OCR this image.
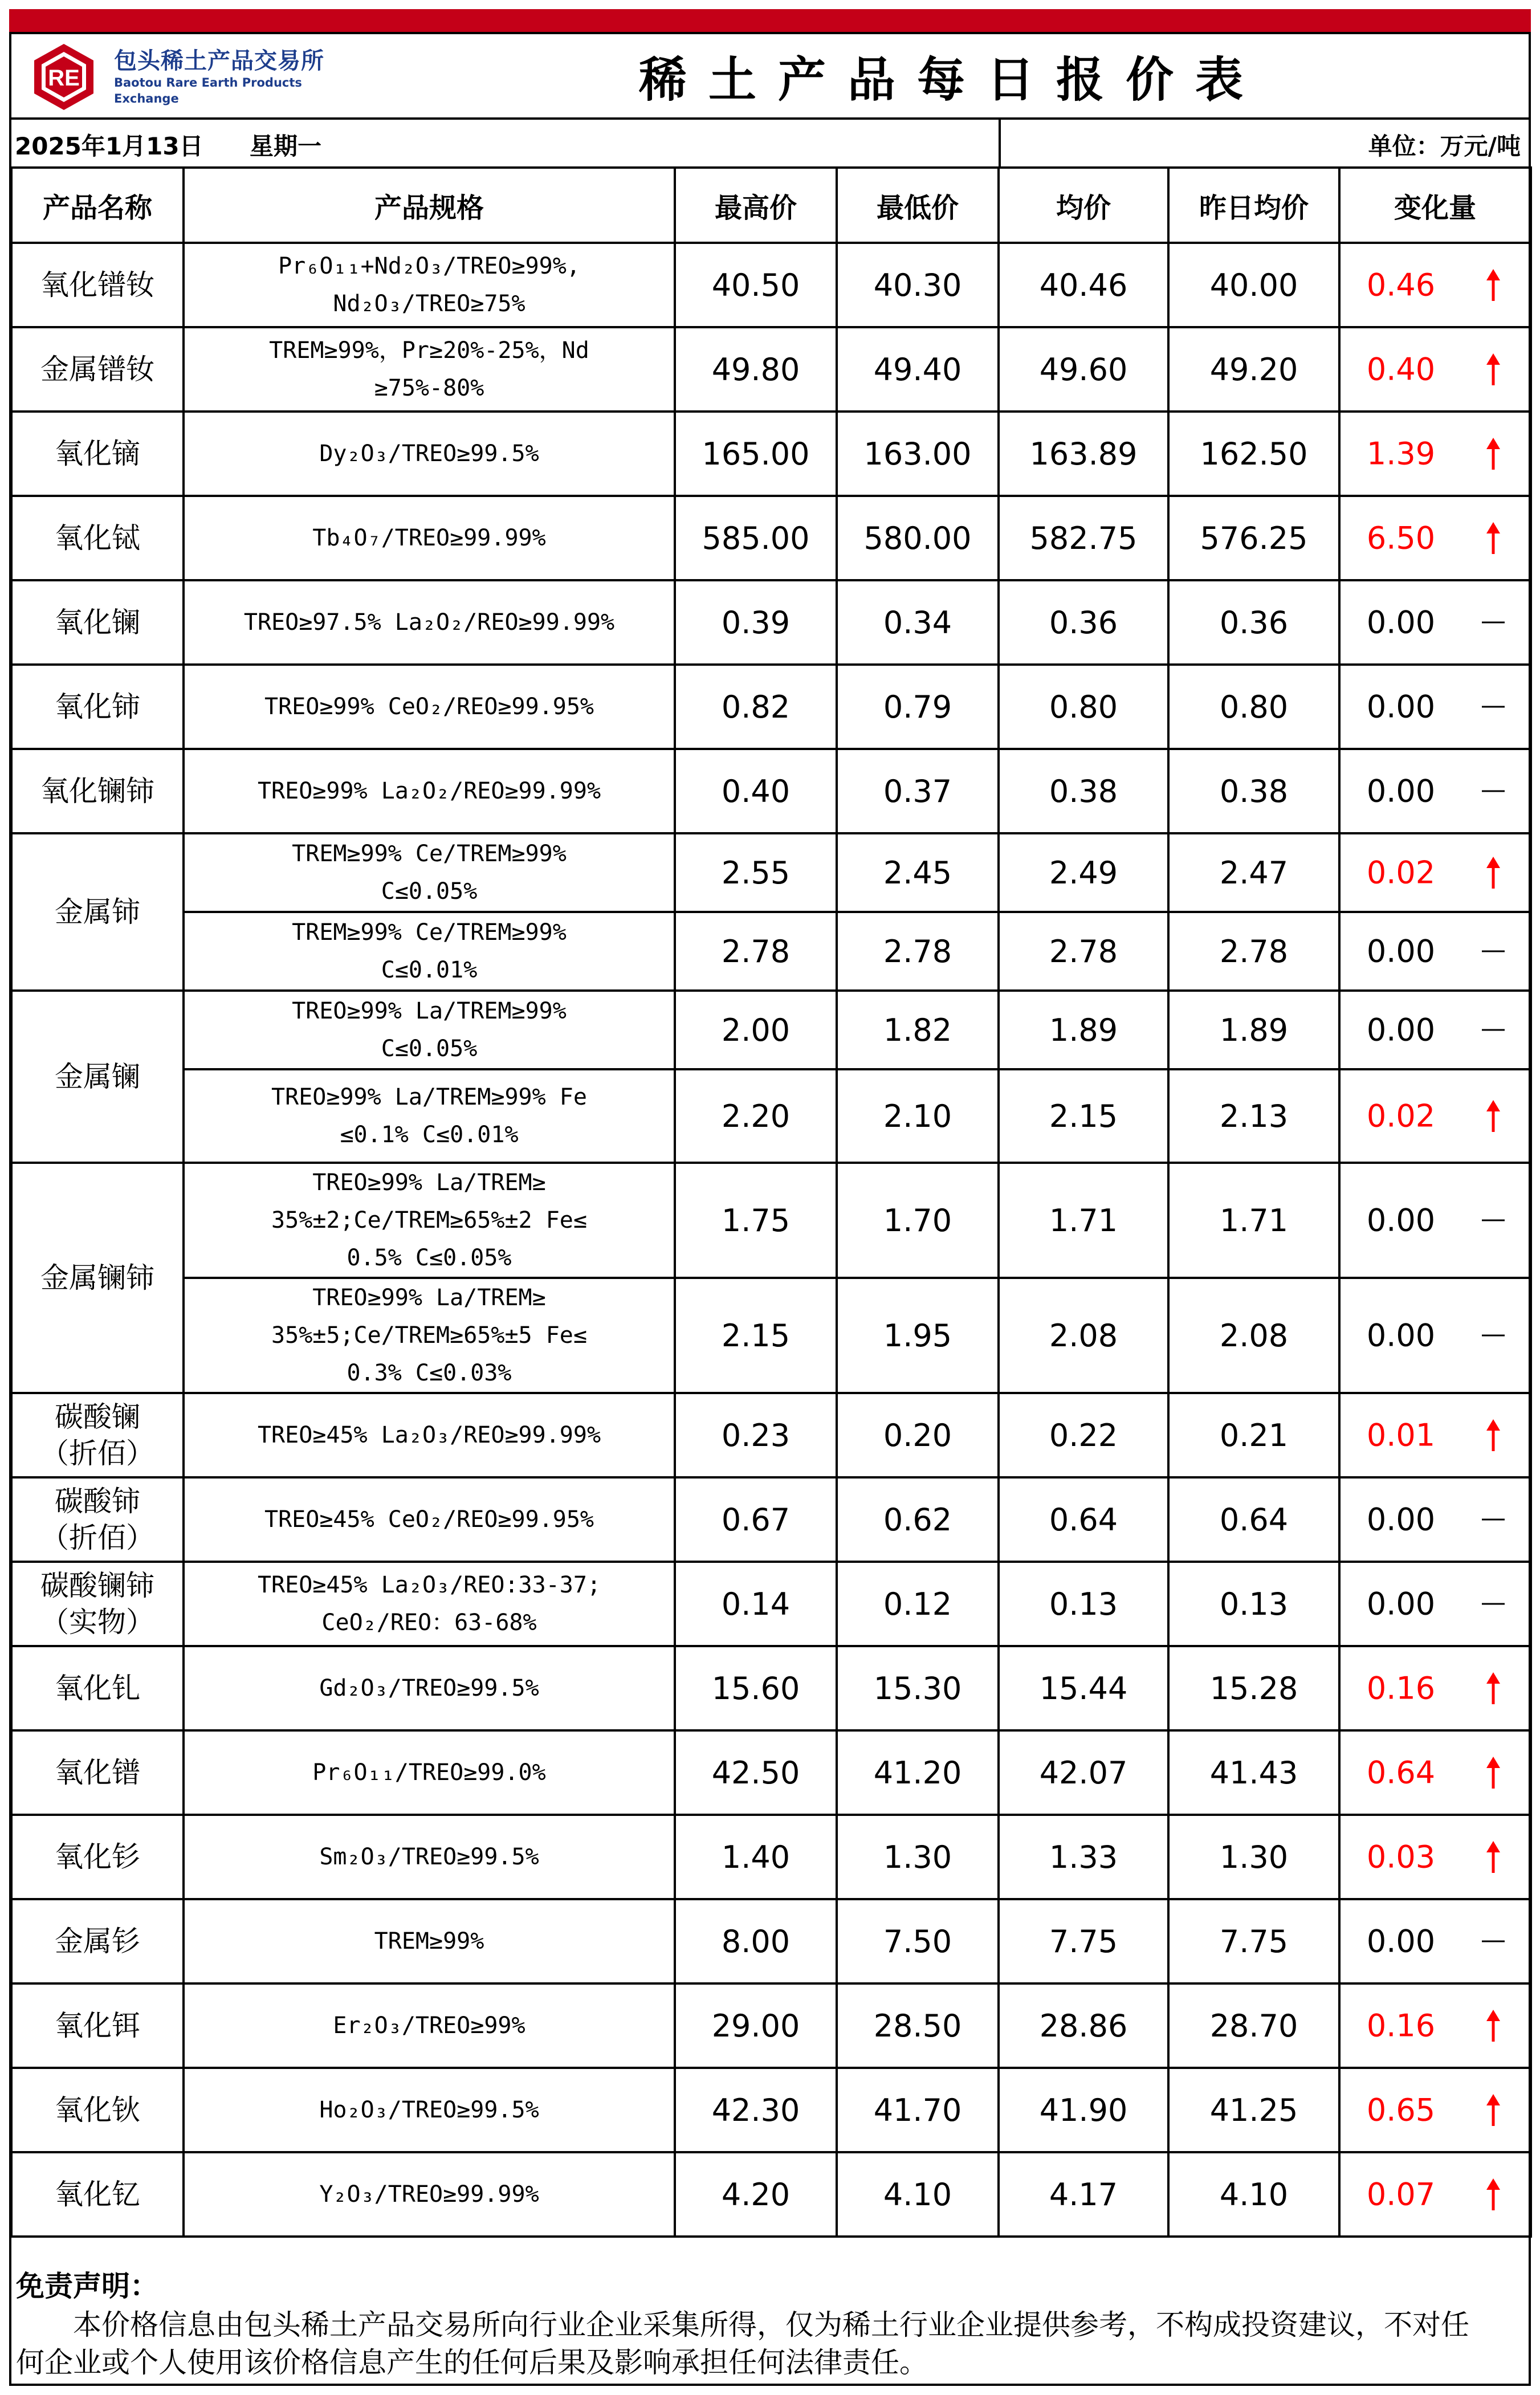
RE
包头稀土产品交易所
Baotou Rare Earth Products Exchange	稀土产品每日报价表
2025年1月13日 星期一	单位：万元/吨
产品名称	产品规格	最高价	最低价	均价	昨日均价	变化量
氧化镨钕	Pr₆O₁₁+Nd₂O₃/TREO≥99%,
Nd₂O₃/TREO≥75%	40.50	40.30	40.46	40.00	0.46

金属镨钕	TREM≥99%，Pr≥20%-25%，Nd
≥75%-80%	49.80	49.40	49.60	49.20	0.40

氧化镝	Dy₂O₃/TREO≥99.5%	165.00	163.00	163.89	162.50	1.39

氧化铽	Tb₄O₇/TREO≥99.99%	585.00	580.00	582.75	576.25	6.50

氧化镧	TREO≥97.5% La₂O₂/REO≥99.99%	0.39	0.34	0.36	0.36	0.00

氧化铈	TREO≥99% CeO₂/REO≥99.95%	0.82	0.79	0.80	0.80	0.00

氧化镧铈	TREO≥99% La₂O₂/REO≥99.99%	0.40	0.37	0.38	0.38	0.00

金属铈	TREM≥99% Ce/TREM≥99%
C≤0.05%	2.55	2.45	2.49	2.47	0.02

	TREM≥99% Ce/TREM≥99%
C≤0.01%	2.78	2.78	2.78	2.78	0.00

金属镧	TREO≥99% La/TREM≥99%
C≤0.05%	2.00	1.82	1.89	1.89	0.00

	TREO≥99% La/TREM≥99% Fe
≤0.1% C≤0.01%	2.20	2.10	2.15	2.13	0.02

金属镧铈	TREO≥99% La/TREM≥
35%±2;Ce/TREM≥65%±2 Fe≤
0.5% C≤0.05%	1.75	1.70	1.71	1.71	0.00

	TREO≥99% La/TREM≥
35%±5;Ce/TREM≥65%±5 Fe≤
0.3% C≤0.03%	2.15	1.95	2.08	2.08	0.00

碳酸镧
（折佰）	TREO≥45% La₂O₃/REO≥99.99%	0.23	0.20	0.22	0.21	0.01

碳酸铈
（折佰）	TREO≥45% CeO₂/REO≥99.95%	0.67	0.62	0.64	0.64	0.00

碳酸镧铈
（实物）	TREO≥45% La₂O₃/REO:33-37;
CeO₂/REO：63-68%	0.14	0.12	0.13	0.13	0.00

氧化钆	Gd₂O₃/TREO≥99.5%	15.60	15.30	15.44	15.28	0.16

氧化镨	Pr₆O₁₁/TREO≥99.0%	42.50	41.20	42.07	41.43	0.64

氧化钐	Sm₂O₃/TREO≥99.5%	1.40	1.30	1.33	1.30	0.03

金属钐	TREM≥99%	8.00	7.50	7.75	7.75	0.00

氧化铒	Er₂O₃/TREO≥99%	29.00	28.50	28.86	28.70	0.16

氧化钬	Ho₂O₃/TREO≥99.5%	42.30	41.70	41.90	41.25	0.65

氧化钇	Y₂O₃/TREO≥99.99%	4.20	4.10	4.17	4.10	0.07
免责声明：
本价格信息由包头稀土产品交易所向行业企业采集所得，仅为稀土行业企业提供参考，不构成投资建议，不对任何企业或个人使用该价格信息产生的任何后果及影响承担任何法律责任。
